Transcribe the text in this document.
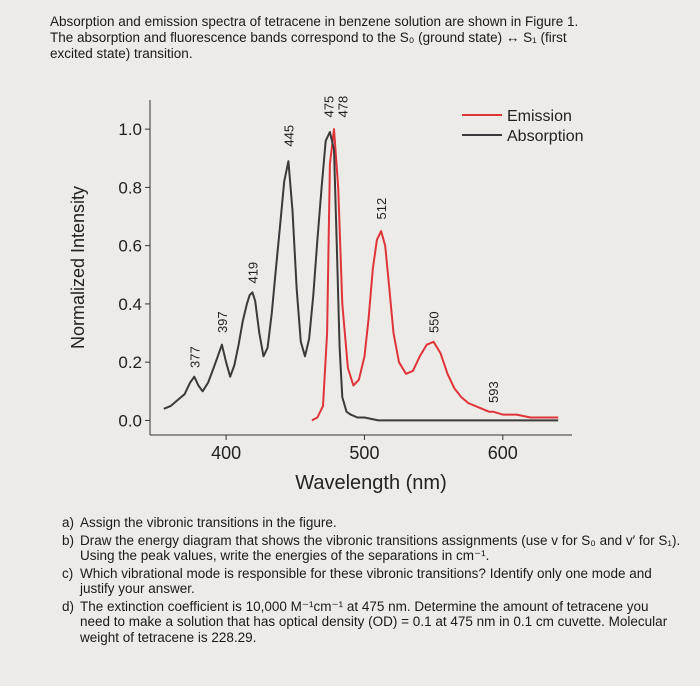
Absorption and emission spectra of tetracene in benzene solution are shown in Figure 1.
The absorption and fluorescence bands correspond to the S₀ (ground state) ↔ S₁ (first
excited state) transition.
0.0
0.2
0.4
0.6
0.8
1.0
400	500	600
Wavelength (nm)
Normalized Intensity
Emission
Absorption
377
397
419
445
475
478
512
550
593
a) Assign the vibronic transitions in the figure.
b) Draw the energy diagram that shows the vibronic transitions assignments (use v for S₀ and v′ for S₁). Using the peak values, write the energies of the separations in cm⁻¹.
c) Which vibrational mode is responsible for these vibronic transitions? Identify only one mode and justify your answer.
d) The extinction coefficient is 10,000 M⁻¹cm⁻¹ at 475 nm. Determine the amount of tetracene you need to make a solution that has optical density (OD) = 0.1 at 475 nm in 0.1 cm cuvette. Molecular weight of tetracene is 228.29.
